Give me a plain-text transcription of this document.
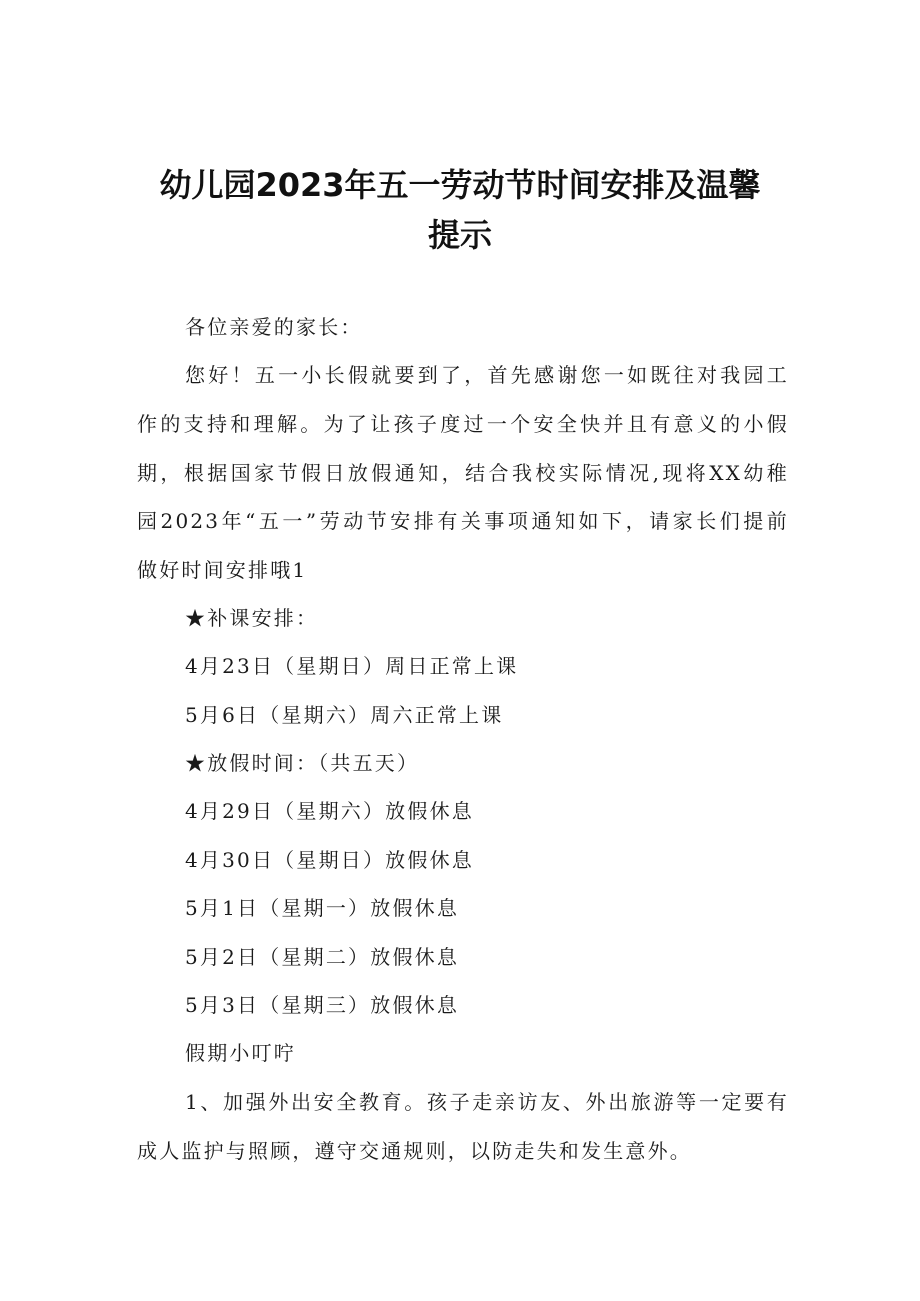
幼儿园2023年五一劳动节时间安排及温馨
提示
各位亲爱的家长：
您好！五一小长假就要到了，首先感谢您一如既往对我园工
作的支持和理解。为了让孩子度过一个安全快并且有意义的小假
期，根据国家节假日放假通知，结合我校实际情况,现将XX幼稚
园2023年“五一”劳动节安排有关事项通知如下，请家长们提前
做好时间安排哦1
★补课安排：
4月23日（星期日）周日正常上课
5月6日（星期六）周六正常上课
★放假时间：（共五天）
4月29日（星期六）放假休息
4月30日（星期日）放假休息
5月1日（星期一）放假休息
5月2日（星期二）放假休息
5月3日（星期三）放假休息
假期小叮咛
1、加强外出安全教育。孩子走亲访友、外出旅游等一定要有
成人监护与照顾，遵守交通规则，以防走失和发生意外。
